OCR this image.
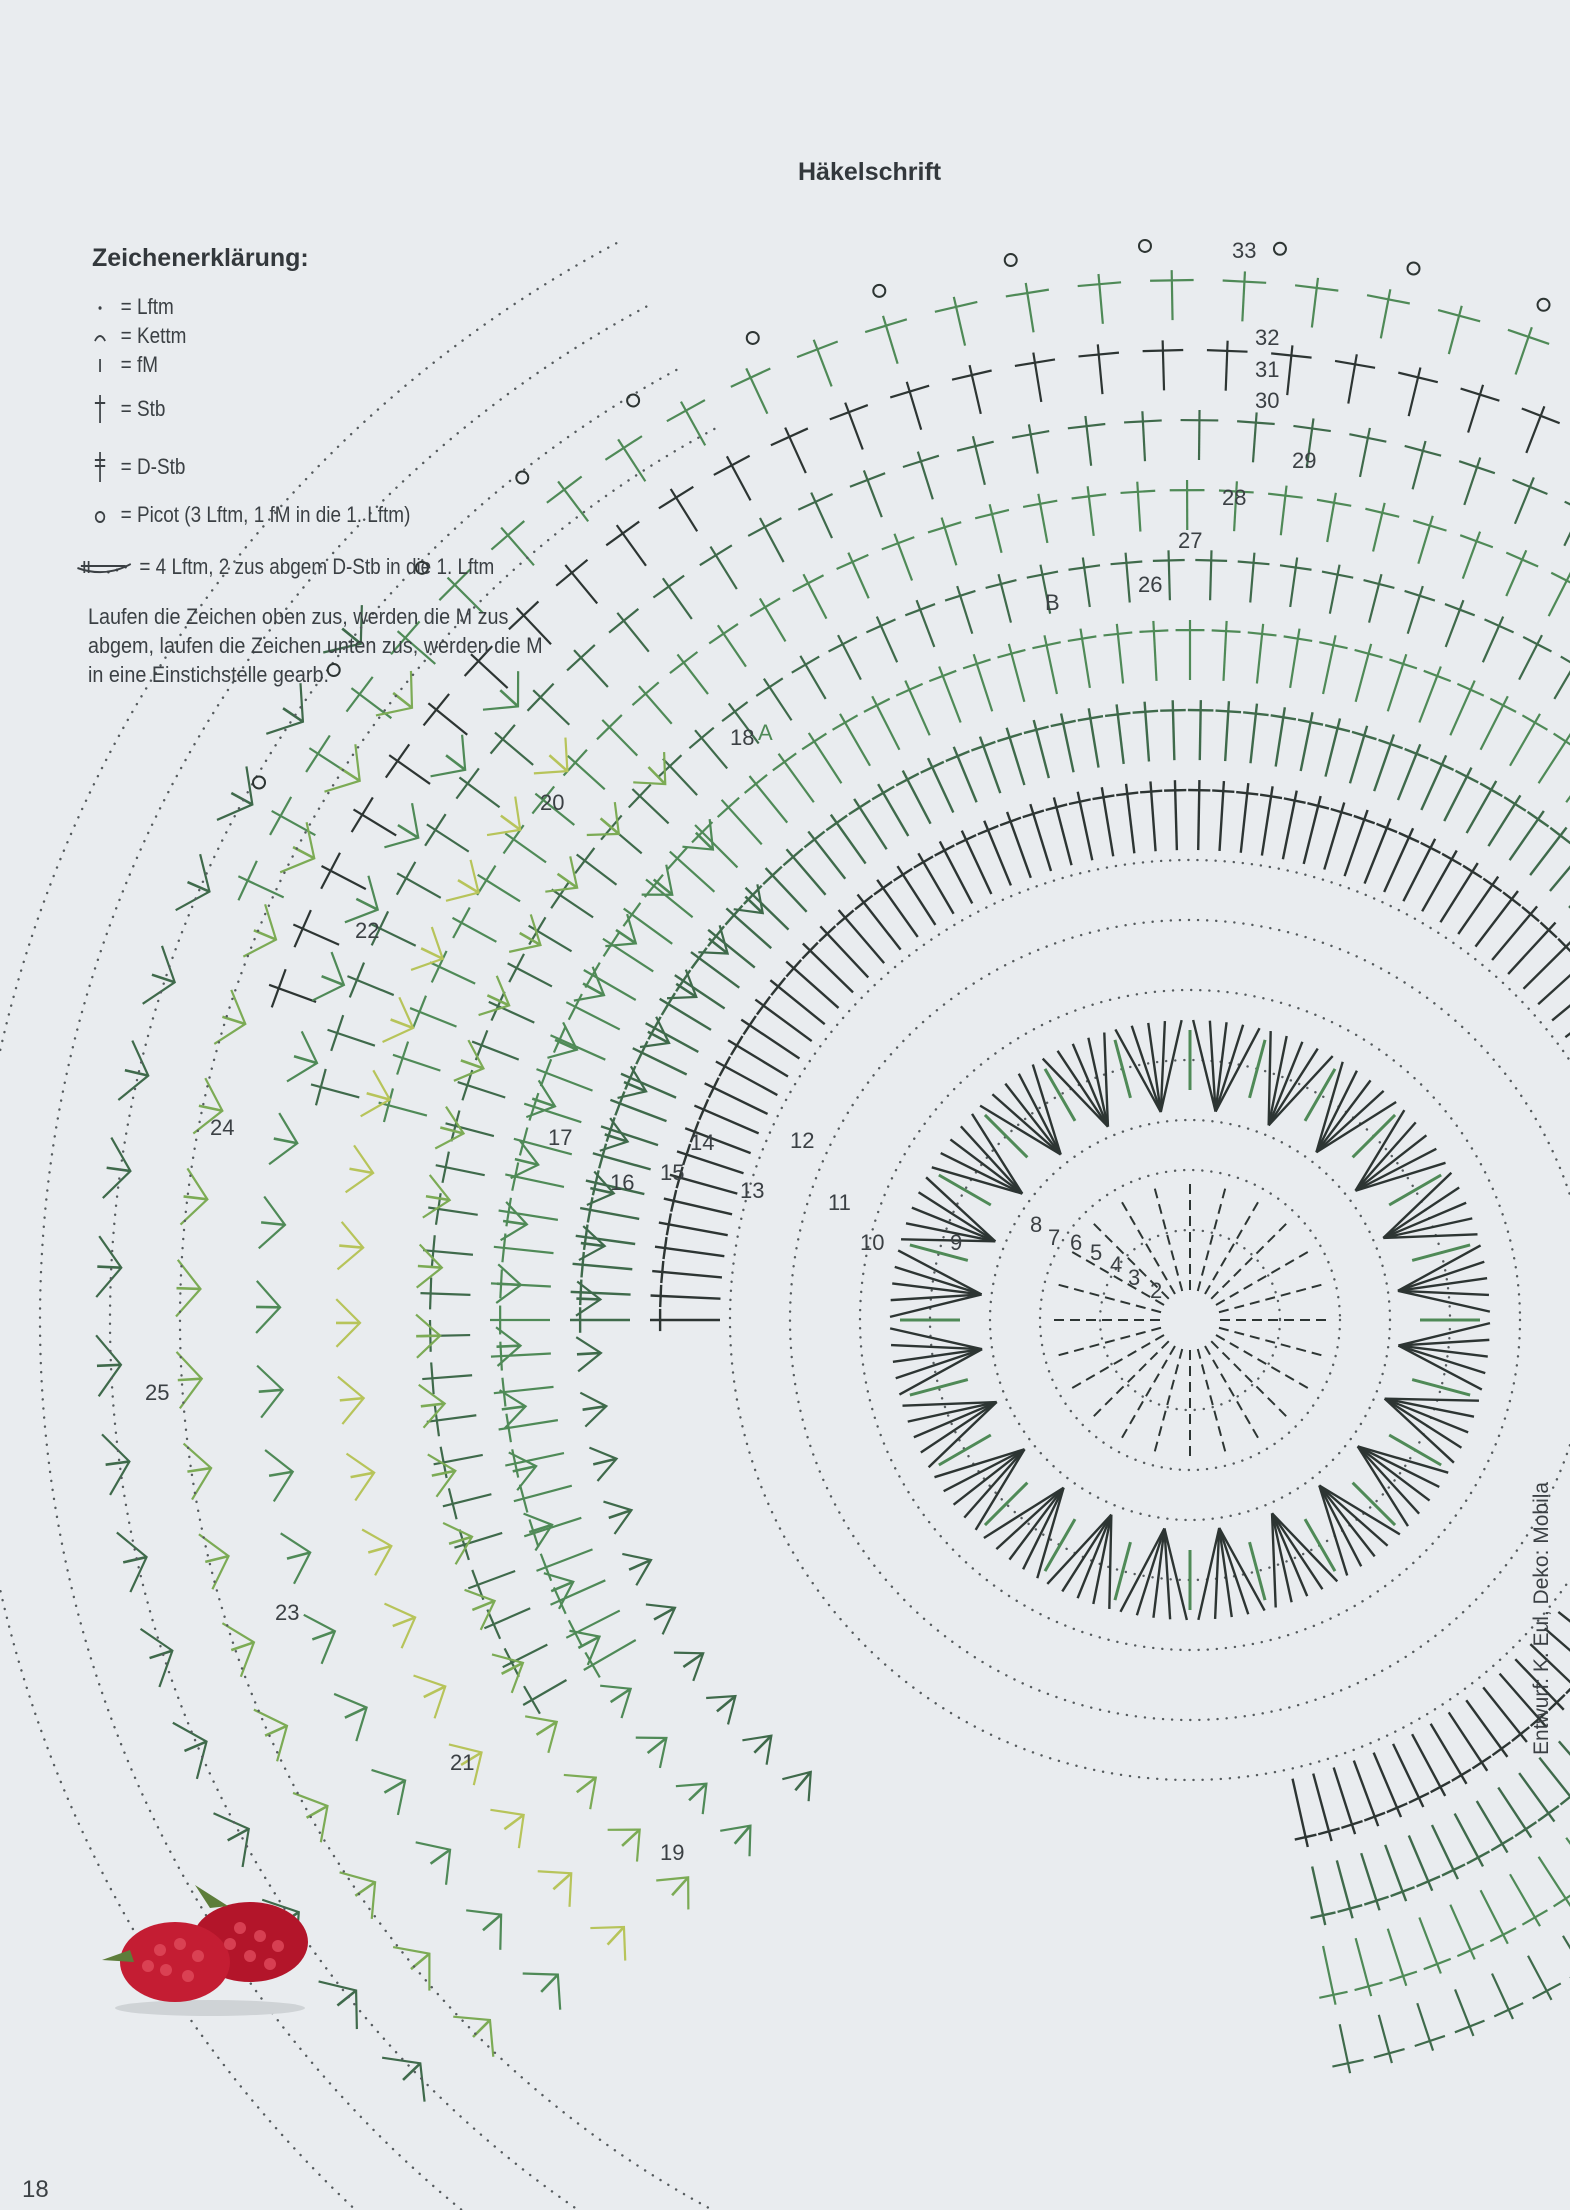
2
3
4
5
6
7
8
9
10
11
12
13
14
15
16
17
18
19
20
21
22
23
24
25
26
27
28
29
30
31
32
33
A
B
Häkelschrift
Zeichenerklärung:
= Lftm
= Kettm
= fM
= Stb
= D-Stb
= Picot (3 Lftm, 1 fM in die 1. Lftm)
= 4 Lftm, 2 zus abgem D-Stb in die 1. Lftm
Laufen die Zeichen oben zus, werden die M zus abgem, laufen die Zeichen unten zus, werden die M in eine Einstichstelle gearb.
Entwurf: K. Eul, Deko: Mobila
18
